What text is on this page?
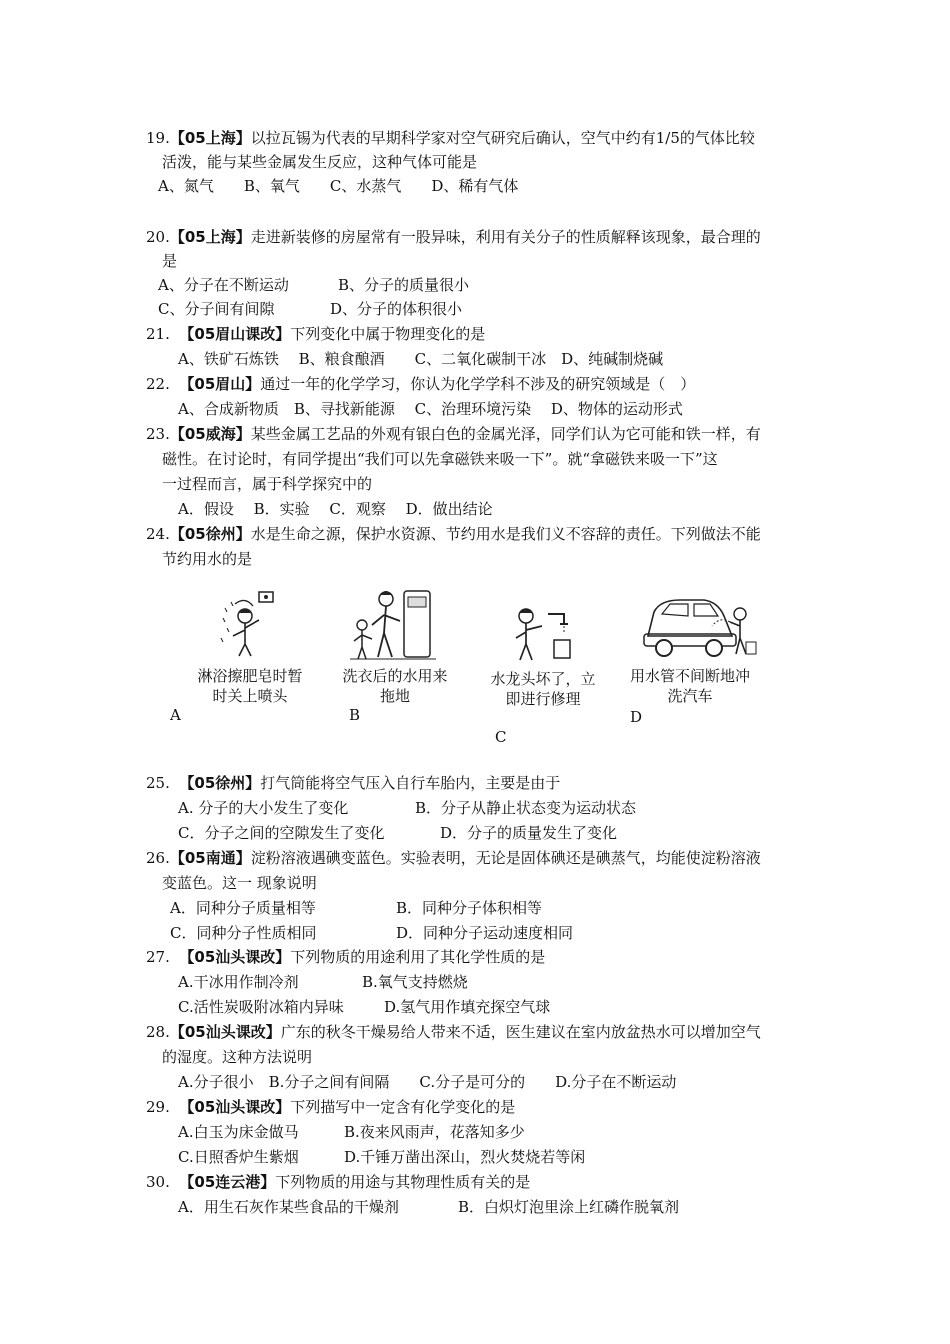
19.【05上海】以拉瓦锡为代表的早期科学家对空气研究后确认，空气中约有1/5的气体比较
活泼，能与某些金属发生反应，这种气体可能是
A、氮气　　B、氧气　　C、水蒸气　　D、稀有气体
20.【05上海】走进新装修的房屋常有一股异味，利用有关分子的性质解释该现象，最合理的
是
A、分子在不断运动	B、分子的质量很小
C、分子间有间隙	D、分子的体积很小
21. 【05眉山课改】下列变化中属于物理变化的是
A、铁矿石炼铁　 B、粮食酿酒　　C、二氧化碳制干冰　D、纯碱制烧碱
22. 【05眉山】通过一年的化学学习，你认为化学学科不涉及的研究领域是（　）
A、合成新物质　B、寻找新能源　 C、治理环境污染　 D、物体的运动形式
23.【05威海】某些金属工艺品的外观有银白色的金属光泽，同学们认为它可能和铁一样，有
磁性。在讨论时，有同学提出“我们可以先拿磁铁来吸一下”。就“拿磁铁来吸一下”这
一过程而言，属于科学探究中的
A．假设　 B．实验　 C．观察　 D．做出结论
24.【05徐州】水是生命之源，保护水资源、节约用水是我们义不容辞的责任。下列做法不能
节约用水的是
淋浴擦肥皂时暂时关上喷头
A
洗衣后的水用来拖地
B
水龙头坏了，立即进行修理
C
用水管不间断地冲洗汽车
D
25. 【05徐州】打气筒能将空气压入自行车胎内，主要是由于
A. 分子的大小发生了变化	B．分子从静止状态变为运动状态
C．分子之间的空隙发生了变化	D．分子的质量发生了变化
26.【05南通】淀粉溶液遇碘变蓝色。实验表明，无论是固体碘还是碘蒸气，均能使淀粉溶液
变蓝色。这一 现象说明
A．同种分子质量相等	B．同种分子体积相等
C．同种分子性质相同	D．同种分子运动速度相同
27. 【05汕头课改】下列物质的用途利用了其化学性质的是
A.干冰用作制冷剂	B.氧气支持燃烧
C.活性炭吸附冰箱内异味	D.氢气用作填充探空气球
28.【05汕头课改】广东的秋冬干燥易给人带来不适，医生建议在室内放盆热水可以增加空气
的湿度。这种方法说明
A.分子很小　B.分子之间有间隔　　C.分子是可分的　　D.分子在不断运动
29. 【05汕头课改】下列描写中一定含有化学变化的是
A.白玉为床金做马	B.夜来风雨声，花落知多少
C.日照香炉生紫烟	D.千锤万凿出深山，烈火焚烧若等闲
30. 【05连云港】下列物质的用途与其物理性质有关的是
A．用生石灰作某些食品的干燥剂	B．白炽灯泡里涂上红磷作脱氧剂
